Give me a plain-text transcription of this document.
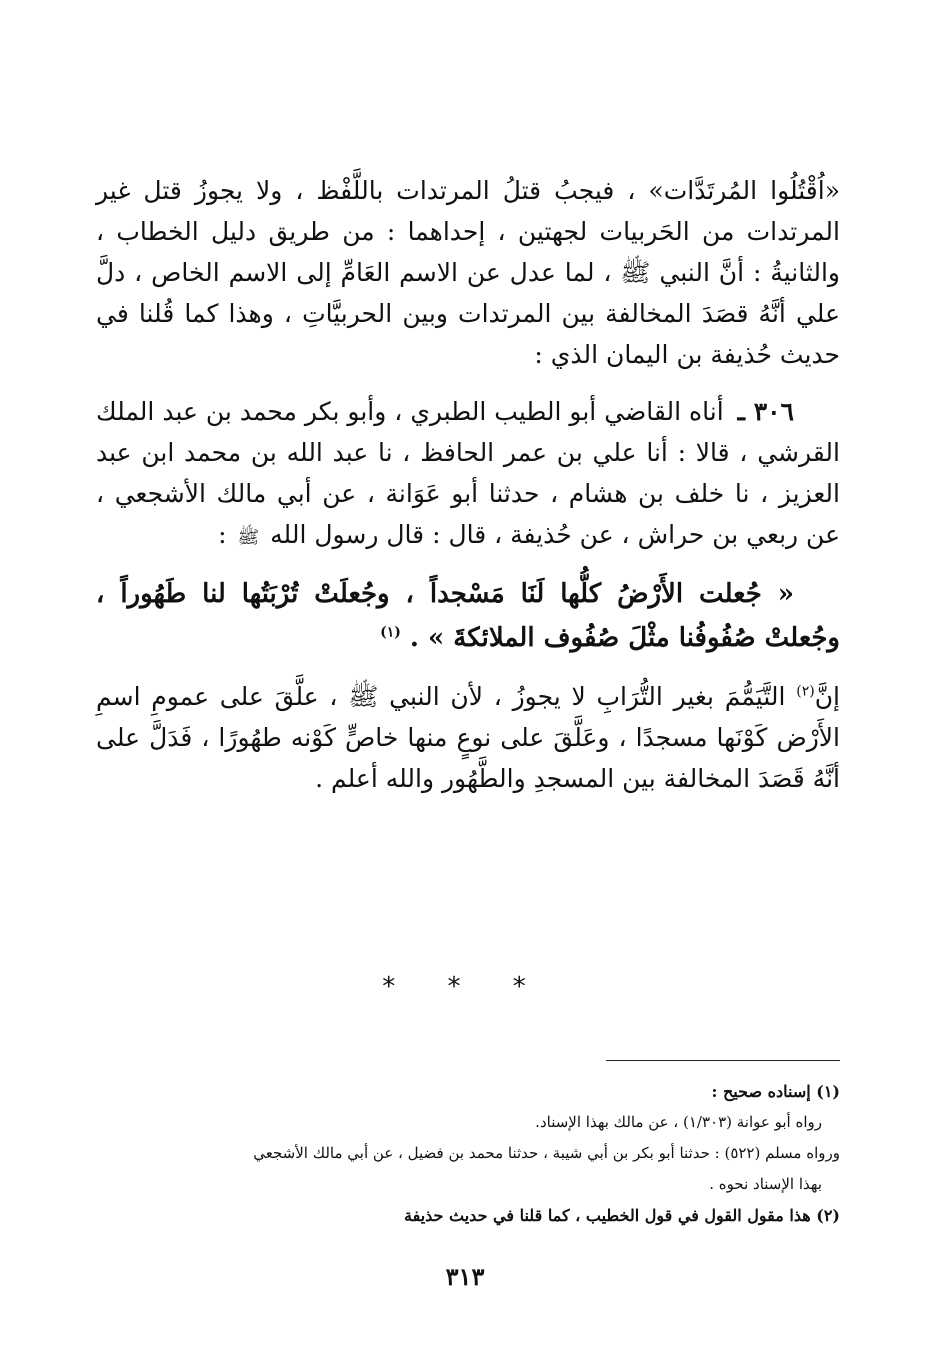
«اُقْتُلُوا المُرتَدَّات» ، فيجبُ قتلُ المرتدات باللَّفْظ ، ولا يجوزُ قتل غير المرتدات من الحَربيات لجهتين ، إحداهما : من طريق دليل الخطاب ، والثانيةُ : أنَّ النبي ﷺ ، لما عدل عن الاسم العَامِّ إلى الاسم الخاص ، دلَّ علي أنَّهُ قصَدَ المخالفة بين المرتدات وبين الحربيَّاتِ ، وهذا كما قُلنا في حديث حُذيفة بن اليمان الذي :

٣٠٦ ـ أناه القاضي أبو الطيب الطبري ، وأبو بكر محمد بن عبد الملك القرشي ، قالا : أنا علي بن عمر الحافظ ، نا عبد الله بن محمد ابن عبد العزيز ، نا خلف بن هشام ، حدثنا أبو عَوَانة ، عن أبي مالك الأشجعي ، عن ربعي بن حراش ، عن حُذيفة ، قال : قال رسول الله ﷺ :

« جُعلت الأَرْضُ كلُّها لَنَا مَسْجداً ، وجُعلَتْ تُرْبَتُها لنا طَهُوراً ، وجُعلتْ صُفُوفُنا مثْلَ صُفُوف الملائكةَ » . $^{(١)}$

إنَّ$^{(٢)}$ التَّيَمُّمَ بغير التُّرَابِ لا يجوزُ ، لأن النبي ﷺ ، علَّقَ على عمومِ اسمِ الأَرْض كَوْنَها مسجدًا ، وعَلَّقَ على نوعٍ منها خاصٍّ كَوْنه طهُورًا ، فَدَلَّ على أنَّهُ قَصَدَ المخالفة بين المسجدِ والطَّهُور والله أعلم .

* * *

(١) إسناده صحيح :

رواه أبو عوانة (١/٣٠٣) ، عن مالك بهذا الإسناد.

ورواه مسلم (٥٢٢) : حدثنا أبو بكر بن أبي شيبة ، حدثنا محمد بن فضيل ، عن أبي مالك الأشجعي

بهذا الإسناد نحوه .

(٢) هذا مقول القول في قول الخطيب ، كما قلنا في حديث حذيفة

٣١٣
